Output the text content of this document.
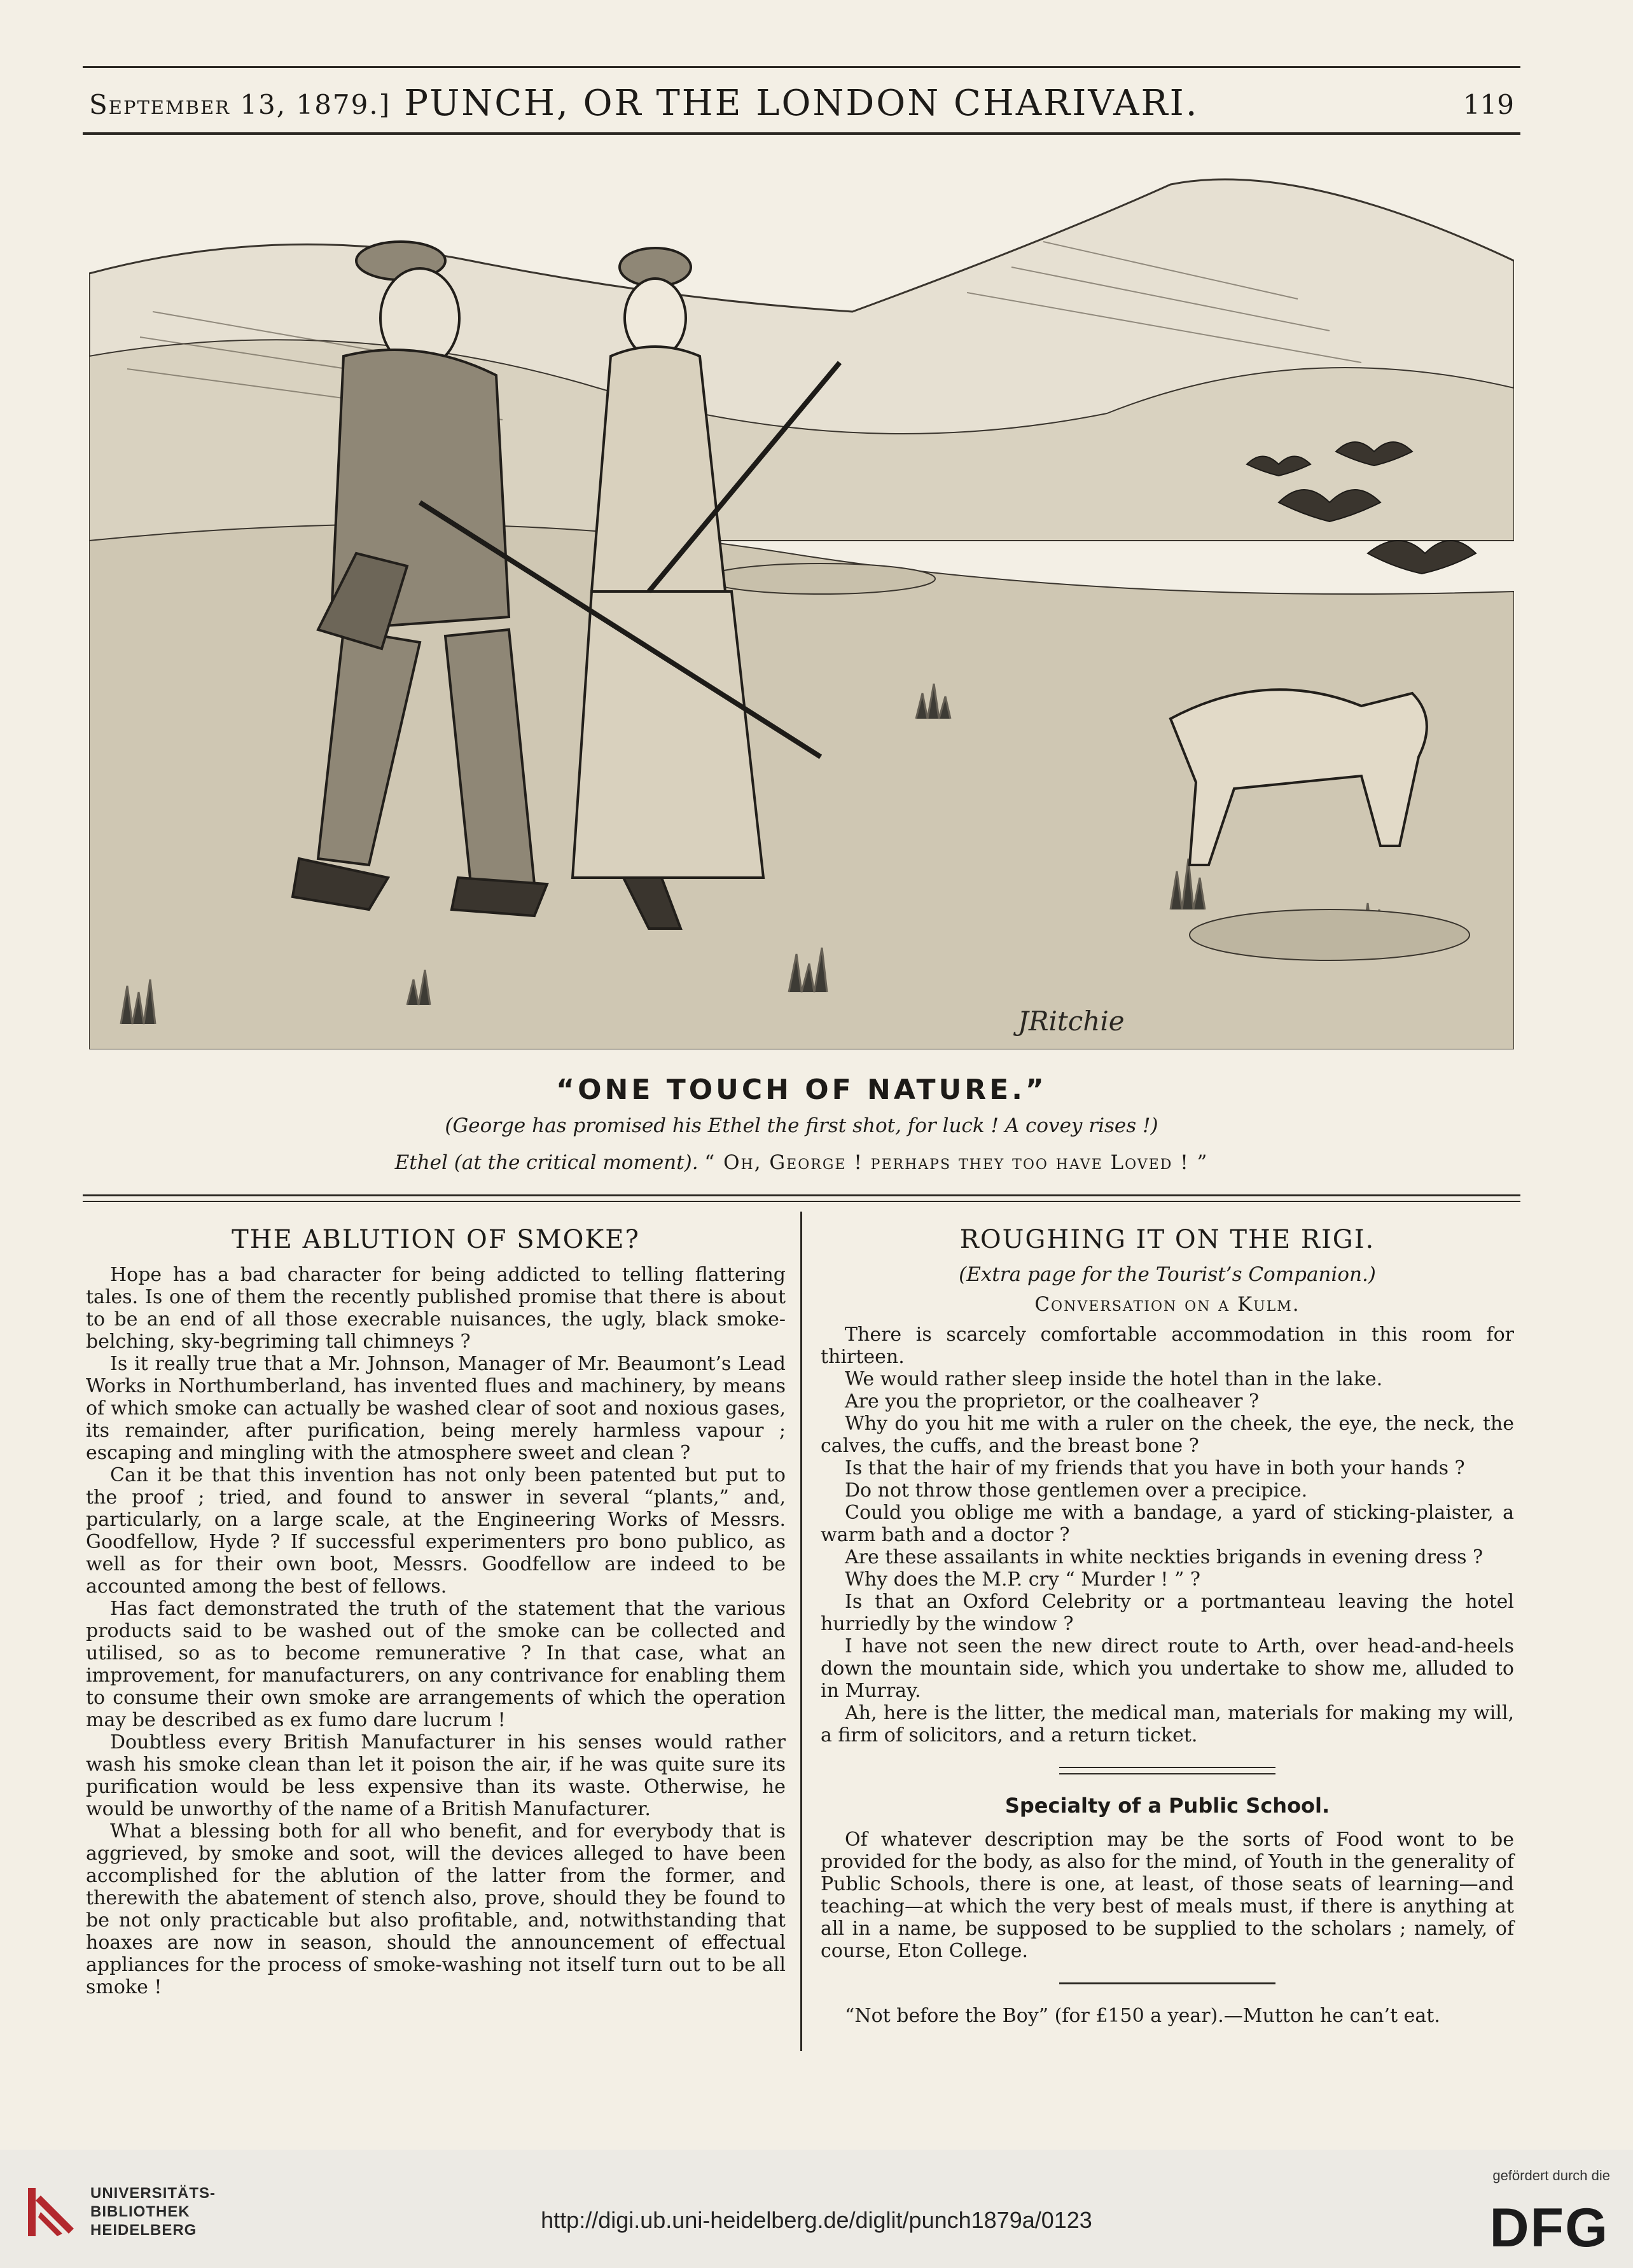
September 13, 1879.] PUNCH, OR THE LONDON CHARIVARI.	119
JRitchie
“ONE TOUCH OF NATURE.”
(George has promised his Ethel the first shot, for luck ! A covey rises !)
Ethel (at the critical moment). “ Oh, George ! perhaps they too have Loved ! ”
THE ABLUTION OF SMOKE?

Hope has a bad character for being addicted to telling flattering tales. Is one of them the recently published promise that there is about to be an end of all those execrable nuisances, the ugly, black smoke-belching, sky-begriming tall chimneys ?

Is it really true that a Mr. Johnson, Manager of Mr. Beaumont’s Lead Works in Northumberland, has invented flues and machinery, by means of which smoke can actually be washed clear of soot and noxious gases, its remainder, after purification, being merely harmless vapour ; escaping and mingling with the atmosphere sweet and clean ?

Can it be that this invention has not only been patented but put to the proof ; tried, and found to answer in several “plants,” and, particularly, on a large scale, at the Engineering Works of Messrs. Goodfellow, Hyde ? If successful experimenters pro bono publico, as well as for their own boot, Messrs. Goodfellow are indeed to be accounted among the best of fellows.

Has fact demonstrated the truth of the statement that the various products said to be washed out of the smoke can be collected and utilised, so as to become remunerative ? In that case, what an improvement, for manufacturers, on any contrivance for enabling them to consume their own smoke are arrangements of which the operation may be described as ex fumo dare lucrum !

Doubtless every British Manufacturer in his senses would rather wash his smoke clean than let it poison the air, if he was quite sure its purification would be less expensive than its waste. Otherwise, he would be unworthy of the name of a British Manufacturer.

What a blessing both for all who benefit, and for everybody that is aggrieved, by smoke and soot, will the devices alleged to have been accomplished for the ablution of the latter from the former, and therewith the abatement of stench also, prove, should they be found to be not only practicable but also profitable, and, notwithstanding that hoaxes are now in season, should the announcement of effectual appliances for the process of smoke-washing not itself turn out to be all smoke !

ROUGHING IT ON THE RIGI.
(Extra page for the Tourist’s Companion.)
Conversation on a Kulm.

There is scarcely comfortable accommodation in this room for thirteen.

We would rather sleep inside the hotel than in the lake.

Are you the proprietor, or the coalheaver ?

Why do you hit me with a ruler on the cheek, the eye, the neck, the calves, the cuffs, and the breast bone ?

Is that the hair of my friends that you have in both your hands ?

Do not throw those gentlemen over a precipice.

Could you oblige me with a bandage, a yard of sticking-plaister, a warm bath and a doctor ?

Are these assailants in white neckties brigands in evening dress ?

Why does the M.P. cry “ Murder ! ” ?

Is that an Oxford Celebrity or a portmanteau leaving the hotel hurriedly by the window ?

I have not seen the new direct route to Arth, over head-and-heels down the mountain side, which you undertake to show me, alluded to in Murray.

Ah, here is the litter, the medical man, materials for making my will, a firm of solicitors, and a return ticket.

Specialty of a Public School.

Of whatever description may be the sorts of Food wont to be provided for the body, as also for the mind, of Youth in the generality of Public Schools, there is one, at least, of those seats of learning—and teaching—at which the very best of meals must, if there is anything at all in a name, be supposed to be supplied to the scholars ; namely, of course, Eton College.

“Not before the Boy” (for £150 a year).—Mutton he can’t eat.

UNIVERSITÄTS-
BIBLIOTHEK
HEIDELBERG	http://digi.ub.uni-heidelberg.de/diglit/punch1879a/0123
gefördert durch die
DFG
